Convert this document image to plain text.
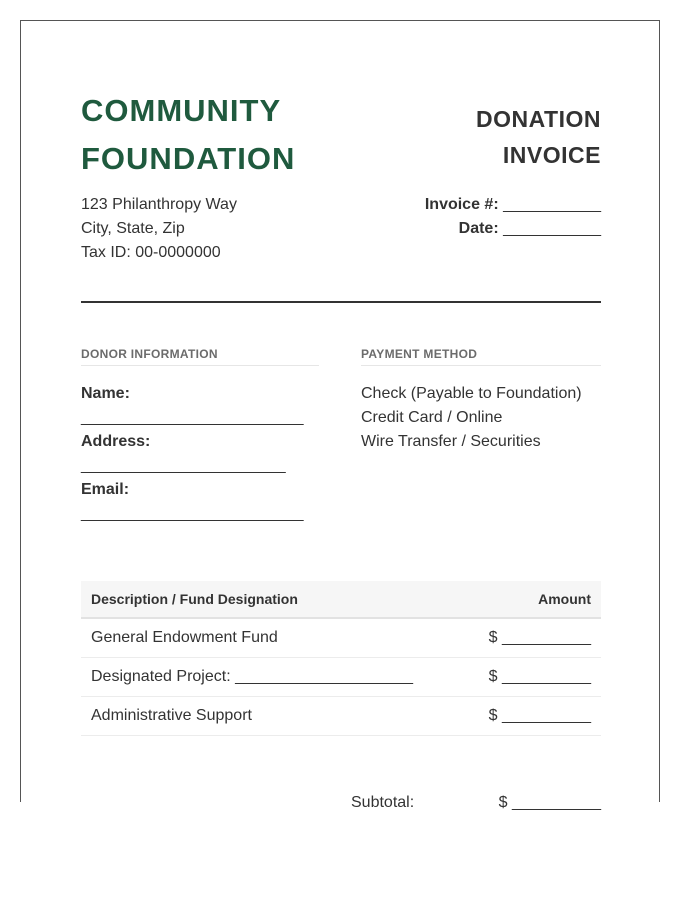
COMMUNITY
FOUNDATION
DONATION
INVOICE
123 Philanthropy Way
City, State, Zip
Tax ID: 00-0000000
Invoice #: ___________
Date: ___________
DONOR INFORMATION
Name:
_________________________
Address:
_______________________
Email:
_________________________
PAYMENT METHOD
Check (Payable to Foundation)
Credit Card / Online
Wire Transfer / Securities
Description / Fund Designation	Amount
General Endowment Fund	$ __________
Designated Project: ____________________	$ __________
Administrative Support	$ __________
Subtotal:	$ __________
